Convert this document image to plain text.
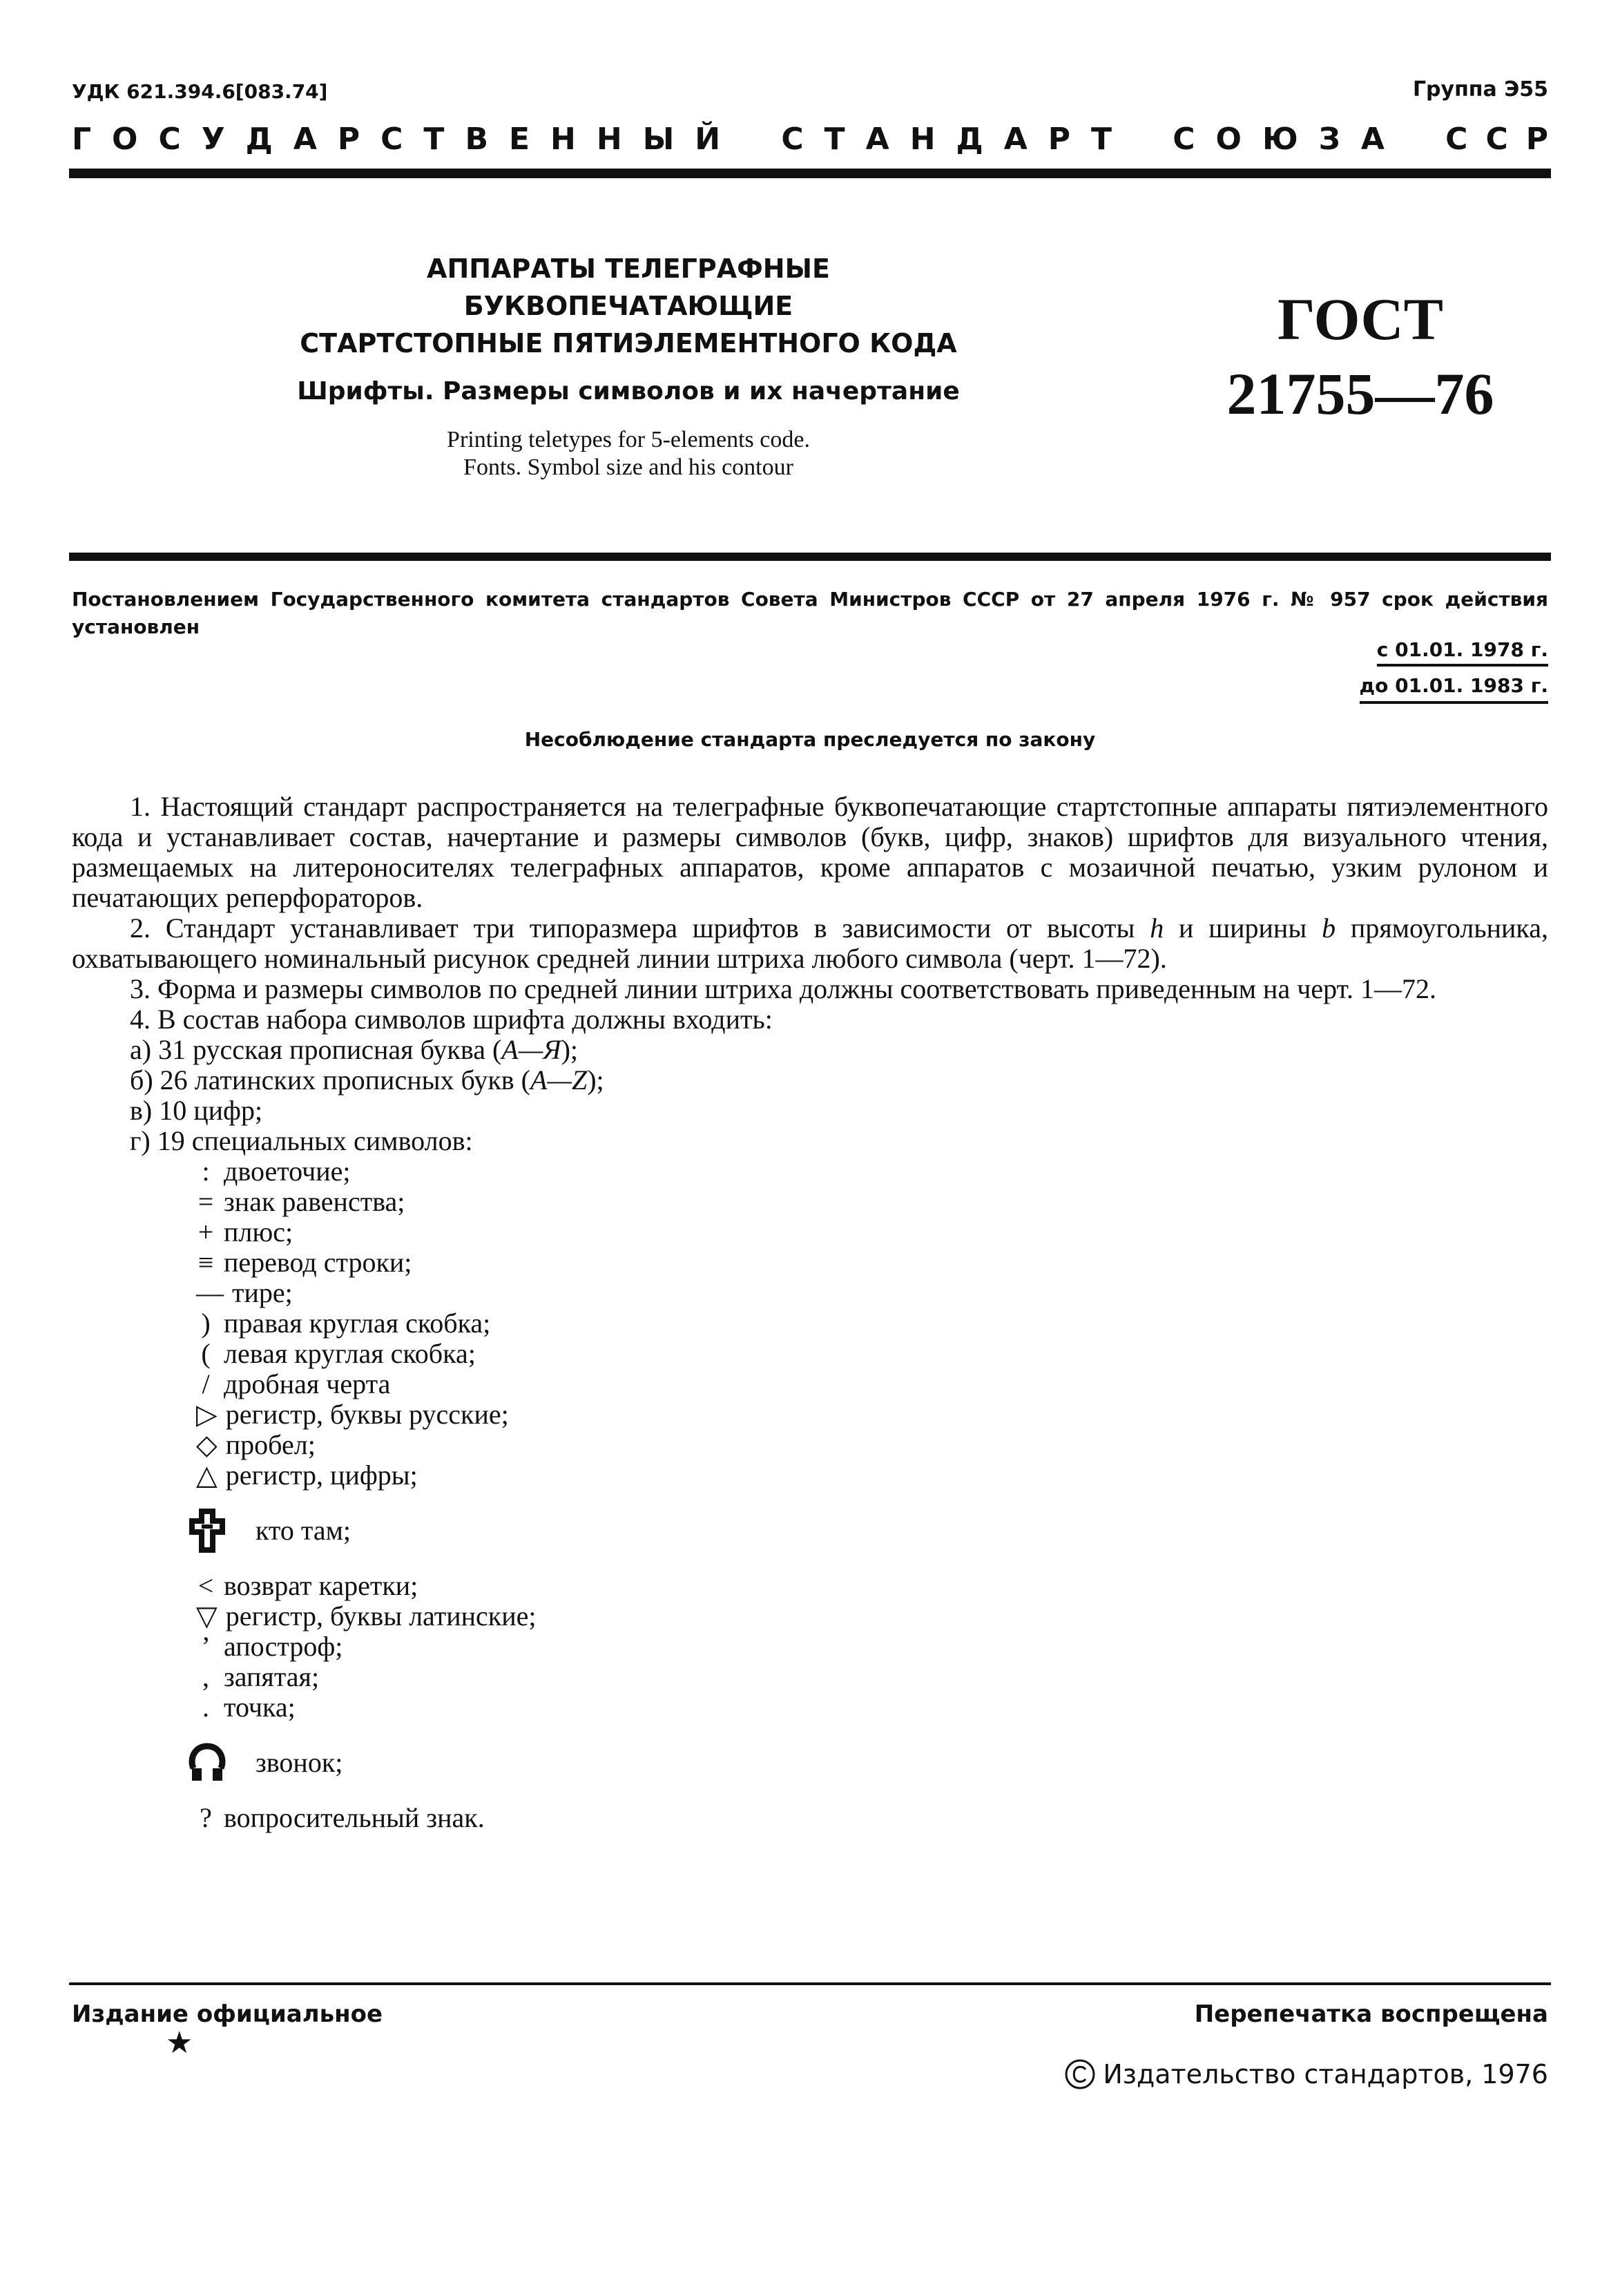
УДК 621.394.6[083.74]	Группа Э55
ГОСУДАРСТВЕННЫЙ СТАНДАРТ СОЮЗА ССР
АППАРАТЫ ТЕЛЕГРАФНЫЕ
БУКВОПЕЧАТАЮЩИЕ
СТАРТСТОПНЫЕ ПЯТИЭЛЕМЕНТНОГО КОДА
Шрифты. Размеры символов и их начертание
Printing teletypes for 5-elements code.
Fonts. Symbol size and his contour
ГОСТ
21755—76
Постановлением Государственного комитета стандартов Совета Министров СССР от 27 апреля 1976 г. № 957 срок действия установлен
с 01.01. 1978 г.
до 01.01. 1983 г.
Несоблюдение стандарта преследуется по закону

1. Настоящий стандарт распространяется на телеграфные буквопечатающие стартстопные аппараты пятиэлементного кода и устанавливает состав, начертание и размеры символов (букв, цифр, знаков) шрифтов для визуального чтения, размещаемых на литероносителях телеграфных аппаратов, кроме аппаратов с мозаичной печатью, узким рулоном и печатающих реперфораторов.

2. Стандарт устанавливает три типоразмера шрифтов в зависимости от высоты h и ширины b прямоугольника, охватывающего номинальный рисунок средней линии штриха любого символа (черт. 1—72).

3. Форма и размеры символов по средней линии штриха должны соответствовать приведенным на черт. 1—72.

4. В состав набора символов шрифта должны входить:

а) 31 русская прописная буква (А—Я);
б) 26 латинских прописных букв (A—Z);
в) 10 цифр;
г) 19 специальных символов:
: двоеточие;
= знак равенства;
+ плюс;
≡ перевод строки;
— тире;
) правая круглая скобка;
( левая круглая скобка;
/ дробная черта
▷ регистр, буквы русские;
◇ пробел;
△ регистр, цифры;
кто там;
< возврат каретки;
▽ регистр, буквы латинские;
’ апостроф;
, запятая;
. точка;
звонок;
? вопросительный знак.
Издание официальное
★
Перепечатка воспрещена
Издательство стандартов, 1976
